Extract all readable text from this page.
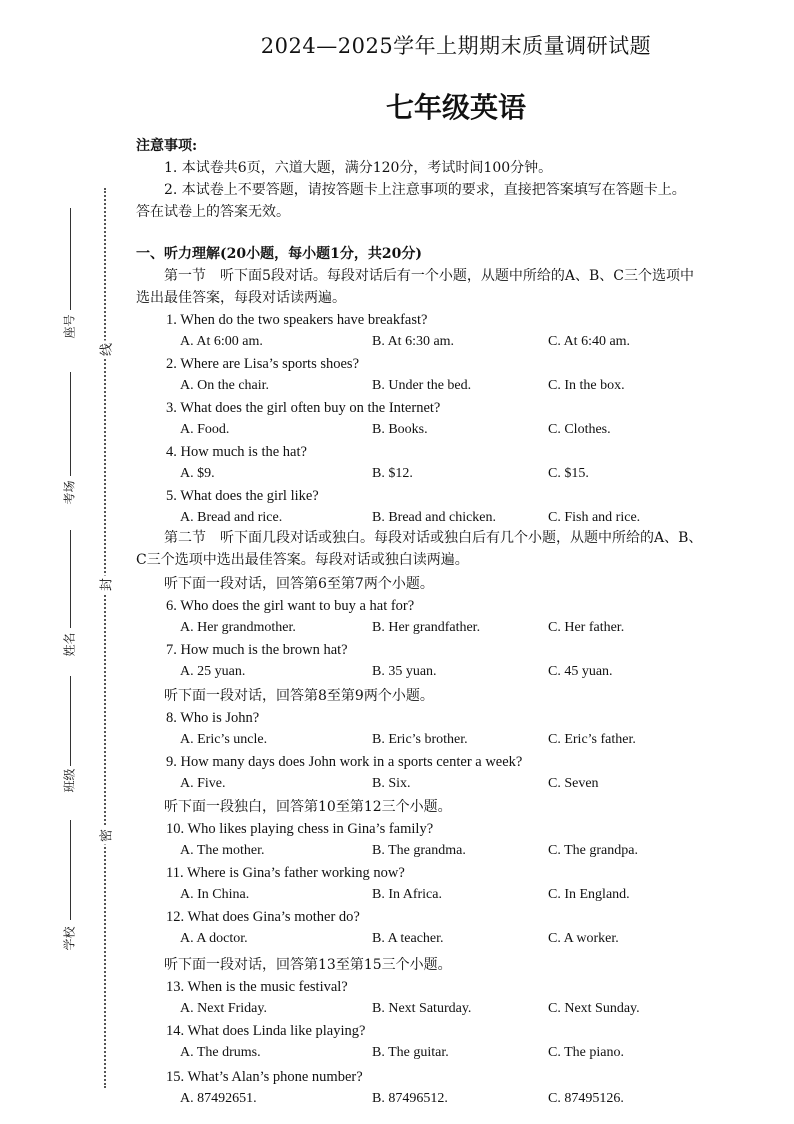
线
封
密
座号
考场
姓名
班级
学校
2024—2025学年上期期末质量调研试题
七年级英语
注意事项:
1. 本试卷共6页，六道大题，满分120分，考试时间100分钟。
2. 本试卷上不要答题，请按答题卡上注意事项的要求，直接把答案填写在答题卡上。
答在试卷上的答案无效。
一、听力理解(20小题，每小题1分，共20分)
第一节　听下面5段对话。每段对话后有一个小题，从题中所给的A、B、C三个选项中
选出最佳答案，每段对话读两遍。
1. When do the two speakers have breakfast?
A. At 6:00 am.	B. At 6:30 am.	C. At 6:40 am.
2. Where are Lisa’s sports shoes?
A. On the chair.	B. Under the bed.	C. In the box.
3. What does the girl often buy on the Internet?
A. Food.	B. Books.	C. Clothes.
4. How much is the hat?
A. $9.	B. $12.	C. $15.
5. What does the girl like?
A. Bread and rice.	B. Bread and chicken.	C. Fish and rice.
6. Who does the girl want to buy a hat for?
A. Her grandmother.	B. Her grandfather.	C. Her father.
7. How much is the brown hat?
A. 25 yuan.	B. 35 yuan.	C. 45 yuan.
8. Who is John?
A. Eric’s uncle.	B. Eric’s brother.	C. Eric’s father.
9. How many days does John work in a sports center a week?
A. Five.	B. Six.	C. Seven
10. Who likes playing chess in Gina’s family?
A. The mother.	B. The grandma.	C. The grandpa.
11. Where is Gina’s father working now?
A. In China.	B. In Africa.	C. In England.
12. What does Gina’s mother do?
A. A doctor.	B. A teacher.	C. A worker.
13. When is the music festival?
A. Next Friday.	B. Next Saturday.	C. Next Sunday.
14. What does Linda like playing?
A. The drums.	B. The guitar.	C. The piano.
15. What’s Alan’s phone number?
A. 87492651.	B. 87496512.	C. 87495126.
第二节　听下面几段对话或独白。每段对话或独白后有几个小题，从题中所给的A、B、
C三个选项中选出最佳答案。每段对话或独白读两遍。
听下面一段对话，回答第6至第7两个小题。
听下面一段对话，回答第8至第9两个小题。
听下面一段独白，回答第10至第12三个小题。
听下面一段对话，回答第13至第15三个小题。
